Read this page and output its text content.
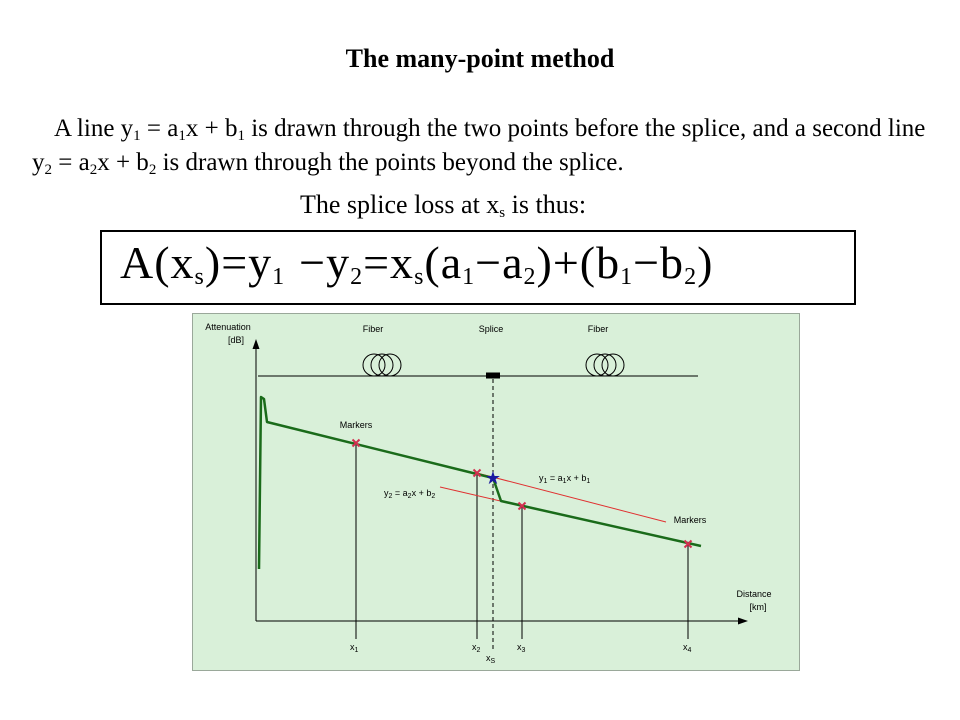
The many-point method
A line $y_1 = a_1x + b_1$ is drawn through the two points before the splice, and a second line $y_2 = a_2x + b_2$ is drawn through the points beyond the splice.
The splice loss at $x_s$ is thus:
$A(x_s)=y_1 -y_2=x_s(a_1-a_2)+(b_1-b_2)$
Attenuation [dB]
Distance [km]
Fiber	Splice	Fiber
★
Markers
Markers
$y_1 = a_1x + b_1$
$y_2 = a_2x + b_2$
$x_1$	$x_2$
$x_S$
$x_3$	$x_4$
